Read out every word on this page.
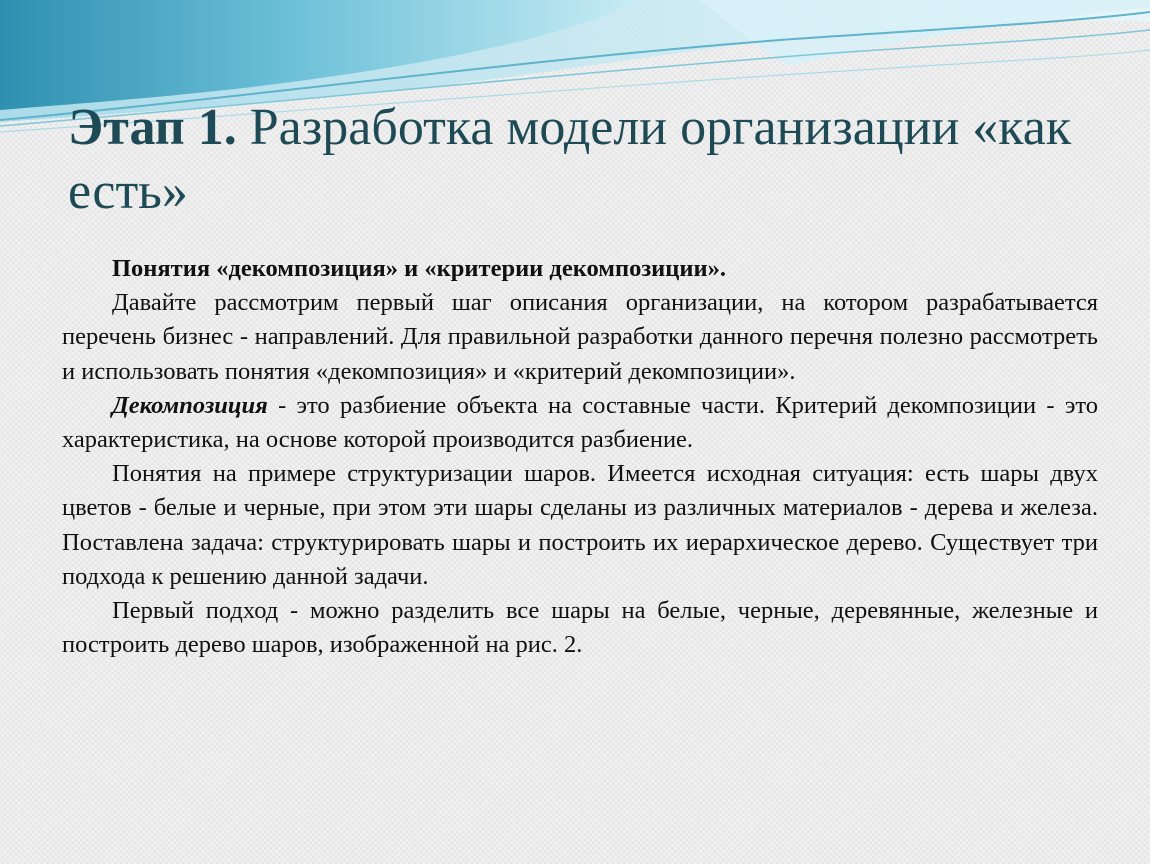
Этап 1. Разработка модели организации «как есть»

Понятия «декомпозиция» и «критерии декомпозиции».

Давайте рассмотрим первый шаг описания организации, на котором разрабатывается перечень бизнес - направлений. Для правильной разработки данного перечня полезно рассмотреть и использовать понятия «декомпозиция» и «критерий декомпозиции».

Декомпозиция - это разбиение объекта на составные части. Критерий декомпозиции - это характеристика, на основе которой производится разбиение.

Понятия на примере структуризации шаров. Имеется исходная ситуация: есть шары двух цветов - белые и черные, при этом эти шары сделаны из различных материалов - дерева и железа. Поставлена задача: структурировать шары и построить их иерархическое дерево. Существует три подхода к решению данной задачи.

Первый подход - можно разделить все шары на белые, черные, деревянные, железные и построить дерево шаров, изображенной на рис. 2.
